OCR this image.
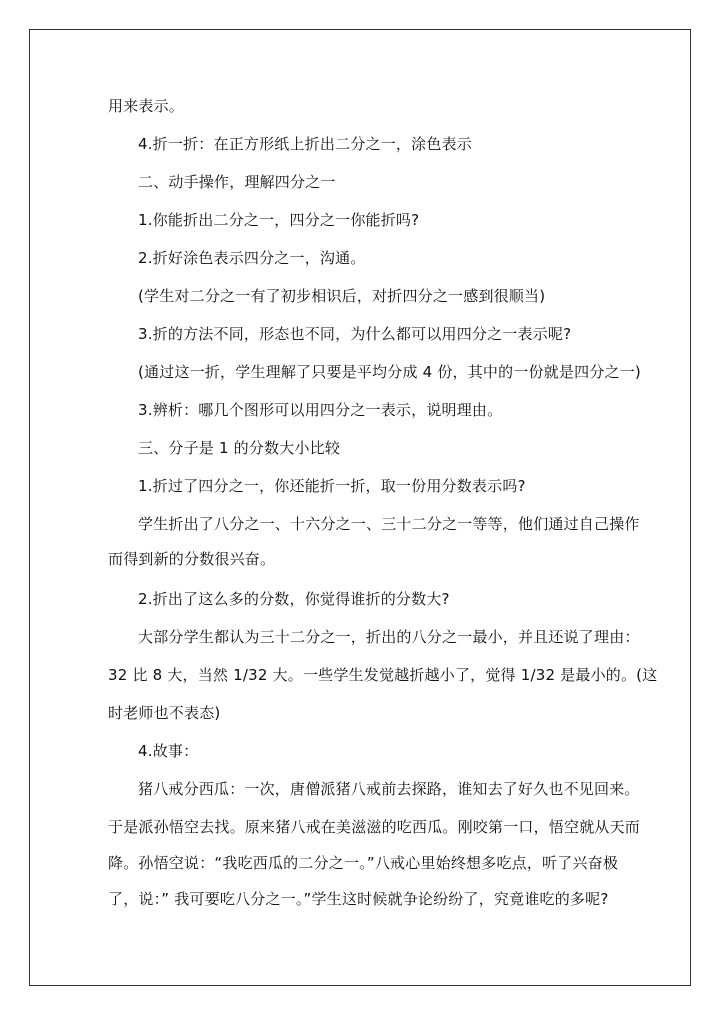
用来表示。
4.折一折：在正方形纸上折出二分之一，涂色表示
二、动手操作，理解四分之一
1.你能折出二分之一，四分之一你能折吗?
2.折好涂色表示四分之一，沟通。
(学生对二分之一有了初步相识后，对折四分之一感到很顺当)
3.折的方法不同，形态也不同，为什么都可以用四分之一表示呢?
(通过这一折，学生理解了只要是平均分成 4 份，其中的一份就是四分之一)
3.辨析：哪几个图形可以用四分之一表示，说明理由。
三、分子是 1 的分数大小比较
1.折过了四分之一，你还能折一折，取一份用分数表示吗?
学生折出了八分之一、十六分之一、三十二分之一等等，他们通过自己操作
而得到新的分数很兴奋。
2.折出了这么多的分数，你觉得谁折的分数大?
大部分学生都认为三十二分之一，折出的八分之一最小，并且还说了理由：
32 比 8 大，当然 1/32 大。一些学生发觉越折越小了，觉得 1/32 是最小的。(这
时老师也不表态)
4.故事：
猪八戒分西瓜：一次，唐僧派猪八戒前去探路，谁知去了好久也不见回来。
于是派孙悟空去找。原来猪八戒在美滋滋的吃西瓜。刚咬第一口，悟空就从天而
降。孙悟空说：“我吃西瓜的二分之一。”八戒心里始终想多吃点，听了兴奋极
了，说：” 我可要吃八分之一。”学生这时候就争论纷纷了，究竟谁吃的多呢?
